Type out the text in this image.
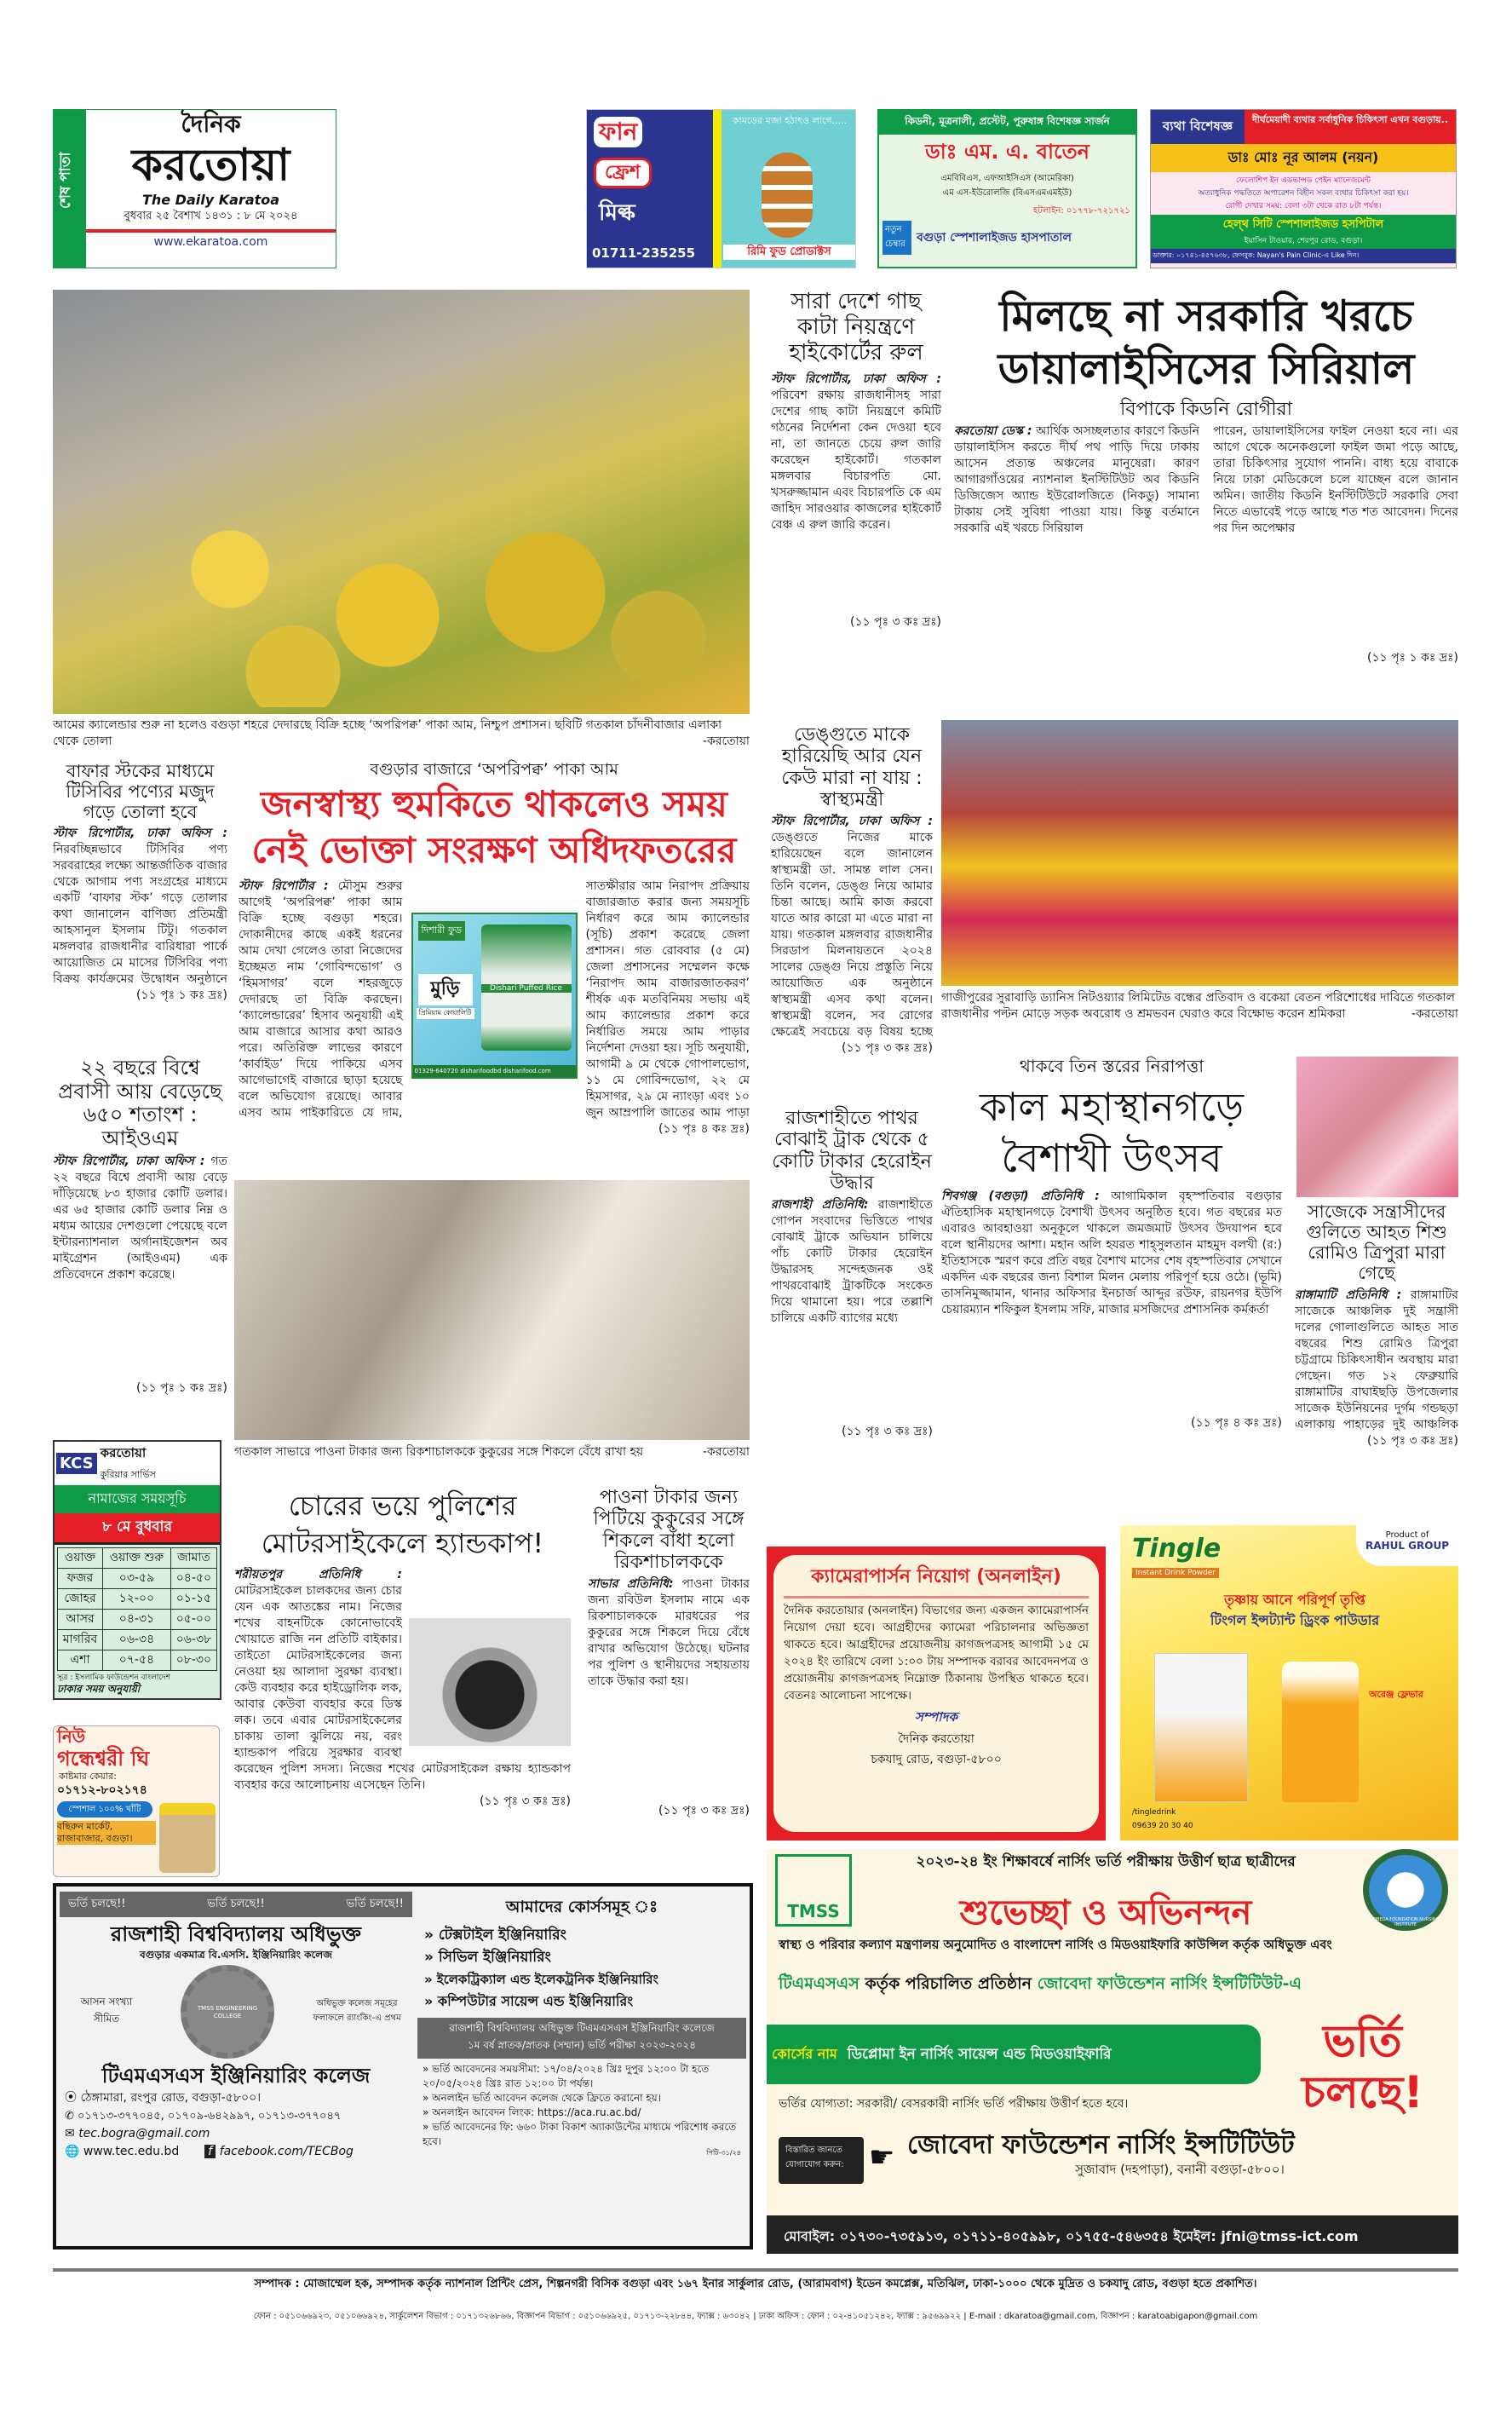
শেষ পাতা
দৈনিক
করতোয়া
The Daily Karatoa
বুধবার ২৫ বৈশাখ ১৪৩১ : ৮ মে ২০২৪
www.ekaratoa.com
ফান
ফ্রেশ
মিল্ক
01711-235255
কামড়ের মজা হঠাৎও লাগে.....
রিমি ফুড প্রোডাক্টস
কিডনী, মূত্রনালী, প্রস্টেট, পুরুষাঙ্গ বিশেষজ্ঞ সার্জন
ডাঃ এম. এ. বাতেন
এমবিবিএস, এফআইসিএস (আমেরিকা)
এম এস-ইউরোলজি (বিএসএমএমইউ)
হটলাইন: ০১৭৭৮-৭২১৭২১
নতুন চেম্বার বগুড়া স্পেশালাইজড হাসপাতাল
ব্যথা বিশেষজ্ঞ	দীর্ঘমেয়াদী ব্যথার সর্বাধুনিক চিকিৎসা এখন বগুড়ায়..
ডাঃ মোঃ নূর আলম (নয়ন)
ফেলোশিপ ইন এডভান্সড পেইন ম্যানেজমেন্ট
অত্যাধুনিক পদ্ধতিতে অপারেশন বিহীন সকল ব্যথার চিকিৎসা করা হয়।
রোগী দেখার সময়: বেলা ৩টা থেকে রাত ৮টা পর্যন্ত।
হেল্থ সিটি স্পেশালাইজড হসপিটাল
ইয়াসিন টাওয়ার, শেরপুর রোড, বগুড়া।
ডাক্তার: ০১৭৪১-৪৫৭৬৩৮, ফেসবুক: Nayan's Pain Clinic-এ Like দিন।
আমের ক্যালেন্ডার শুরু না হলেও বগুড়া শহরে দেদারছে বিক্রি হচ্ছে ‘অপরিপক্ব’ পাকা আম, নিশ্চুপ প্রশাসন। ছবিটি গতকাল চাঁদনীবাজার এলাকা থেকে তোলা	-করতোয়া
সারা দেশে গাছ কাটা নিয়ন্ত্রণে হাইকোর্টের রুল
স্টাফ রিপোর্টার, ঢাকা অফিস : পরিবেশ রক্ষায় রাজধানীসহ সারা দেশের গাছ কাটা নিয়ন্ত্রণে কমিটি গঠনের নির্দেশনা কেন দেওয়া হবে না, তা জানতে চেয়ে রুল জারি করেছেন হাইকোর্ট। গতকাল মঙ্গলবার বিচারপতি মো. খসরুজ্জামান এবং বিচারপতি কে এম জাহিদ সারওয়ার কাজলের হাইকোর্ট বেঞ্চ এ রুল জারি করেন।
(১১ পৃঃ ৩ কঃ দ্রঃ)
মিলছে না সরকারি খরচে ডায়ালাইসিসের সিরিয়াল
বিপাকে কিডনি রোগীরা
করতোয়া ডেস্ক : আর্থিক অসচ্ছলতার কারণে কিডনি ডায়ালাইসিস করতে দীর্ঘ পথ পাড়ি দিয়ে ঢাকায় আসেন প্রত্যন্ত অঞ্চলের মানুষেরা। কারণ আগারগাঁওয়ের ন্যাশনাল ইনস্টিটিউট অব কিডনি ডিজিজেস অ্যান্ড ইউরোলজিতে (নিকডু) সামান্য টাকায় সেই সুবিধা পাওয়া যায়। কিন্তু বর্তমানে সরকারি এই খরচে সিরিয়াল
পারেন, ডায়ালাইসিসের ফাইল নেওয়া হবে না। এর আগে থেকে অনেকগুলো ফাইল জমা পড়ে আছে, তারা চিকিৎসার সুযোগ পাননি। বাধ্য হয়ে বাবাকে নিয়ে ঢাকা মেডিকেলে চলে যাচ্ছেন বলে জানান অমিন। জাতীয় কিডনি ইনস্টিটিউটে সরকারি সেবা নিতে এভাবেই পড়ে আছে শত শত আবেদন। দিনের পর দিন অপেক্ষার
(১১ পৃঃ ১ কঃ দ্রঃ)
গাজীপুরের সুরাবাড়ি ড্যানিস নিটওয়্যার লিমিটেড বন্ধের প্রতিবাদ ও বকেয়া বেতন পরিশোধের দাবিতে গতকাল রাজধানীর পল্টন মোড়ে সড়ক অবরোধ ও শ্রমভবন ঘেরাও করে বিক্ষোভ করেন শ্রমিকরা	-করতোয়া
ডেঙ্গুতে মাকে হারিয়েছি আর যেন কেউ মারা না যায় : স্বাস্থ্যমন্ত্রী
স্টাফ রিপোর্টার, ঢাকা অফিস : ডেঙ্গুতে নিজের মাকে হারিয়েছেন বলে জানালেন স্বাস্থ্যমন্ত্রী ডা. সামন্ত লাল সেন। তিনি বলেন, ডেঙ্গু নিয়ে আমার চিন্তা আছে। আমি কাজ করবো যাতে আর কারো মা এতে মারা না যায়। গতকাল মঙ্গলবার রাজধানীর সিরডাপ মিলনায়তনে ২০২৪ সালের ডেঙ্গু নিয়ে প্রস্তুতি নিয়ে আয়োজিত এক অনুষ্ঠানে স্বাস্থ্যমন্ত্রী এসব কথা বলেন। স্বাস্থ্যমন্ত্রী বলেন, সব রোগের ক্ষেত্রেই সবচেয়ে বড় বিষয় হচ্ছে
(১১ পৃঃ ৩ কঃ দ্রঃ)
রাজশাহীতে পাথর বোঝাই ট্রাক থেকে ৫ কোটি টাকার হেরোইন উদ্ধার
রাজশাহী প্রতিনিধি: রাজশাহীতে গোপন সংবাদের ভিত্তিতে পাথর বোঝাই ট্রাকে অভিযান চালিয়ে পাঁচ কোটি টাকার হেরোইন উদ্ধারসহ সন্দেহজনক ওই পাথরবোঝাই ট্রাকটিকে সংকেত দিয়ে থামানো হয়। পরে তল্লাশি চালিয়ে একটি ব্যাগের মধ্যে
(১১ পৃঃ ৩ কঃ দ্রঃ)
বাফার স্টকের মাধ্যমে টিসিবির পণ্যের মজুদ গড়ে তোলা হবে
স্টাফ রিপোর্টার, ঢাকা অফিস : নিরবচ্ছিন্নভাবে টিসিবির পণ্য সরবরাহের লক্ষ্যে আন্তর্জাতিক বাজার থেকে আগাম পণ্য সংগ্রহের মাধ্যমে একটি ‘বাফার স্টক’ গড়ে তোলার কথা জানালেন বাণিজ্য প্রতিমন্ত্রী আহসানুল ইসলাম টিটু। গতকাল মঙ্গলবার রাজধানীর বারিধারা পার্কে আয়োজিত মে মাসের টিসিবির পণ্য বিক্রয় কার্যক্রমের উদ্বোধন অনুষ্ঠানে
(১১ পৃঃ ১ কঃ দ্রঃ)
২২ বছরে বিশ্বে প্রবাসী আয় বেড়েছে ৬৫০ শতাংশ : আইওএম
স্টাফ রিপোর্টার, ঢাকা অফিস : গত ২২ বছরে বিশ্বে প্রবাসী আয় বেড়ে দাঁড়িয়েছে ৮৩ হাজার কোটি ডলার। এর ৬৫ হাজার কোটি ডলার নিম্ন ও মধ্যম আয়ের দেশগুলো পেয়েছে বলে ইন্টারন্যাশনাল অর্গানাইজেশন অব মাইগ্রেশন (আইওএম) এক প্রতিবেদনে প্রকাশ করেছে।
(১১ পৃঃ ১ কঃ দ্রঃ)
KCS
করতোয়া
কুরিয়ার সার্ভিস
নামাজের সময়সূচি
৮ মে বুধবার
ওয়াক্ত	ওয়াক্ত শুরু	জামাত
ফজর	০৩-৫৯	০৪-৫০
জোহর	১২-০০	০১-১৫
আসর	০৪-৩১	০৫-০০
মাগরিব	০৬-৩৪	০৬-৩৮
এশা	০৭-৫৪	০৮-৩০
সূত্র : ইসলামিক ফাউন্ডেশন বাংলাদেশ
ঢাকার সময় অনুযায়ী
নিউ
গন্ধেশ্বরী ঘি
কাষ্টমার কেয়ার:
০১৭১২-৮০২১৭৪
স্পেশাল ১০০% খাঁটি
বছিরুন মার্কেট, রাজাবাজার, বগুড়া।
বগুড়ার বাজারে ‘অপরিপক্ব’ পাকা আম
জনস্বাস্থ্য হুমকিতে থাকলেও সময় নেই ভোক্তা সংরক্ষণ অধিদফতরের
স্টাফ রিপোর্টার : মৌসুম শুরুর আগেই ‘অপরিপক্ব’ পাকা আম বিক্রি হচ্ছে বগুড়া শহরে। দোকানীদের কাছে একই ধরনের আম দেখা গেলেও তারা নিজেদের ইচ্ছেমত নাম ‘গোবিন্দভোগ’ ও ‘হিমসাগর’ বলে শহরজুড়ে দেদারছে তা বিক্রি করছেন। ‘ক্যালেন্ডারের’ হিসাব অনুযায়ী এই আম বাজারে আসার কথা আরও পরে। অতিরিক্ত লাভের কারণে ‘কার্বাইড’ দিয়ে পাকিয়ে এসব আগেভাগেই বাজারে ছাড়া হয়েছে বলে অভিযোগ রয়েছে। আবার এসব আম পাইকারিতে যে দাম,
দিশারী ফুড
মুড়ি
প্রিমিয়াম কোয়ালিটি
Dishari Puffed Rice
01329-640720 disharifoodbd disharifood.com
সাতক্ষীরার আম নিরাপদ প্রক্রিয়ায় বাজারজাত করার জন্য সময়সূচি নির্ধারণ করে আম ক্যালেন্ডার (সূচি) প্রকাশ করেছে জেলা প্রশাসন। গত রোববার (৫ মে) জেলা প্রশাসনের সম্মেলন কক্ষে ‘নিরাপদ আম বাজারজাতকরণ’ শীর্ষক এক মতবিনিময় সভায় এই আম ক্যালেন্ডার প্রকাশ করে নির্ধারিত সময়ে আম পাড়ার নির্দেশনা দেওয়া হয়। সূচি অনুযায়ী, আগামী ৯ মে থেকে গোপালভোগ, ১১ মে গোবিন্দভোগ, ২২ মে হিমসাগর, ২৯ মে ন্যাংড়া এবং ১০ জুন আম্রপালি জাতের আম পাড়া
(১১ পৃঃ ৪ কঃ দ্রঃ)
গতকাল সাভারে পাওনা টাকার জন্য রিকশাচালককে কুকুরের সঙ্গে শিকলে বেঁধে রাখা হয়	-করতোয়া
চোরের ভয়ে পুলিশের মোটরসাইকেলে হ্যান্ডকাপ!
শরীয়তপুর প্রতিনিধি : মোটরসাইকেল চালকদের জন্য চোর যেন এক আতঙ্কের নাম। নিজের শখের বাহনটিকে কোনোভাবেই খোয়াতে রাজি নন প্রতিটি বাইকার। তাইতো মোটরসাইকেলের জন্য নেওয়া হয় আলাদা সুরক্ষা ব্যবস্থা। কেউ ব্যবহার করে হাইড্রোলিক লক, আবার কেউবা ব্যবহার করে ডিস্ক লক। তবে এবার মোটরসাইকেলের চাকায় তালা ঝুলিয়ে নয়, বরং হ্যান্ডকাপ পরিয়ে সুরক্ষার ব্যবস্থা করেছেন পুলিশ সদস্য। নিজের শখের মোটরসাইকেল রক্ষায় হ্যান্ডকাপ ব্যবহার করে আলোচনায় এসেছেন তিনি।
(১১ পৃঃ ৩ কঃ দ্রঃ)
পাওনা টাকার জন্য পিটিয়ে কুকুরের সঙ্গে শিকলে বাঁধা হলো রিকশাচালককে
সাভার প্রতিনিধি: পাওনা টাকার জন্য রবিউল ইসলাম নামে এক রিকশাচালককে মারধরের পর কুকুরের সঙ্গে শিকলে দিয়ে বেঁধে রাখার অভিযোগ উঠেছে। ঘটনার পর পুলিশ ও স্থানীয়দের সহায়তায় তাকে উদ্ধার করা হয়।
(১১ পৃঃ ৩ কঃ দ্রঃ)
থাকবে তিন স্তরের নিরাপত্তা
কাল মহাস্থানগড়ে বৈশাখী উৎসব
শিবগঞ্জ (বগুড়া) প্রতিনিধি : আগামিকাল বৃহস্পতিবার বগুড়ার ঐতিহাসিক মহাস্থানগড়ে বৈশাখী উৎসব অনুষ্ঠিত হবে। গত বছরের মত এবারও আবহাওয়া অনুকূলে থাকলে জমজমাট উৎসব উদযাপন হবে বলে স্থানীয়দের আশা। মহান অলি হযরত শাহ্সুলতান মাহমুদ বলখী (র:) ইতিহাসকে স্মরণ করে প্রতি বছর বৈশাখ মাসের শেষ বৃহস্পতিবার সেখানে একদিন এক বছরের জন্য বিশাল মিলন মেলায় পরিপূর্ণ হয়ে ওঠে। (ভূমি) তাসনিমুজ্জামান, থানার অফিসার ইনচার্জ আব্দুর রউফ, রায়নগর ইউপি চেয়ারম্যান শফিকুল ইসলাম সফি, মাজার মসজিদের প্রশাসনিক কর্মকর্তা
(১১ পৃঃ ৪ কঃ দ্রঃ)
সাজেকে সন্ত্রাসীদের গুলিতে আহত শিশু রোমিও ত্রিপুরা মারা গেছে
রাঙ্গামাটি প্রতিনিধি : রাঙ্গামাটির সাজেকে আঞ্চলিক দুই সন্ত্রাসী দলের গোলাগুলিতে আহত সাত বছরের শিশু রোমিও ত্রিপুরা চট্টগ্রামে চিকিৎসাধীন অবস্থায় মারা গেছেন। গত ১২ ফেব্রুয়ারি রাঙ্গামাটির বাঘাইছড়ি উপজেলার সাজেক ইউনিয়নের দুর্গম গন্ডছড়া এলাকায় পাহাড়ের দুই আঞ্চলিক
(১১ পৃঃ ৩ কঃ দ্রঃ)
ক্যামেরাপার্সন নিয়োগ (অনলাইন)
দৈনিক করতোয়ার (অনলাইন) বিভাগের জন্য একজন ক্যামেরাপার্সন নিয়োগ দেয়া হবে। আগ্রহীদের ক্যামেরা পরিচালনার অভিজ্ঞতা থাকতে হবে। আগ্রহীদের প্রয়োজনীয় কাগজপত্রসহ আগামী ১৫ মে ২০২৪ ইং তারিখে বেলা ১:০০ টায় সম্পাদক বরাবর আবেদনপত্র ও প্রয়োজনীয় কাগজপত্রসহ নিম্নোক্ত ঠিকানায় উপস্থিত থাকতে হবে। বেতনঃ আলোচনা সাপেক্ষে।
সম্পাদক
দৈনিক করতোয়া
চকযাদু রোড, বগুড়া-৫৮০০
Tingle
Instant Drink Powder
Product of
RAHUL GROUP
তৃষ্ণায় আনে পরিপূর্ণ তৃপ্তি
টিংগল ইন্সট্যান্ট ড্রিংক পাউডার
অরেঞ্জ ফ্লেভার
/tingledrink
09639 20 30 40
ভর্তি চলছে!!	ভর্তি চলছে!!	ভর্তি চলছে!!
রাজশাহী বিশ্ববিদ্যালয় অধিভুক্ত
বগুড়ার একমাত্র বি.এসসি. ইঞ্জিনিয়ারিং কলেজ
আসন সংখ্যা
সীমিত
TMSS ENGINEERING COLLEGE
অধিভুক্ত কলেজ সমূহের
ফলাফলে র‍্যাংকিং-এ প্রথম
টিএমএসএস ইঞ্জিনিয়ারিং কলেজ
⦿ ঠেঙ্গামারা, রংপুর রোড, বগুড়া-৫৮০০।
✆ ০১৭১৩-৩৭৭০৪৫, ০১৭০৯-৬৪২৯৯৭, ০১৭১৩-৩৭৭০৪৭
✉ tec.bogra@gmail.com
🌐 www.tec.edu.bd f facebook.com/TECBog
আমাদের কোর্সসমূহ ঃ
» টেক্সটাইল ইঞ্জিনিয়ারিং
» সিভিল ইঞ্জিনিয়ারিং
» ইলেকট্রিক্যাল এন্ড ইলেকট্রনিক ইঞ্জিনিয়ারিং
» কম্পিউটার সায়েন্স এন্ড ইঞ্জিনিয়ারিং
রাজশাহী বিশ্ববিদ্যালয় অধিভুক্ত টিএমএসএস ইঞ্জিনিয়ারিং কলেজে
১ম বর্ষ স্নাতক/স্নাতক (সম্মান) ভর্তি পরীক্ষা ২০২৩-২০২৪
» ভর্তি আবেদনের সময়সীমা: ১৭/০৪/২০২৪ খ্রিঃ দুপুর ১২:০০ টা হতে ২০/০৫/২০২৪ খ্রিঃ রাত ১২:০০ টা পর্যন্ত।
» অনলাইন ভর্তি আবেদন কলেজ থেকে ফ্রিতে করানো হয়।
» অনলাইন আবেদন লিংক: https://aca.ru.ac.bd/
» ভর্তি আবেদনের ফি: ৬৬০ টাকা বিকাশ অ্যাকাউন্টের মাধ্যমে পরিশোধ করতে হবে।
পিটি-৩১/২৪
TMSS
২০২৩-২৪ ইং শিক্ষাবর্ষে নার্সিং ভর্তি পরীক্ষায় উত্তীর্ণ ছাত্র ছাত্রীদের
শুভেচ্ছা ও অভিনন্দন	JOBEDA FOUNDATION NURSING INSTITUTE
স্বাস্থ্য ও পরিবার কল্যাণ মন্ত্রণালয় অনুমোদিত ও বাংলাদেশ নার্সিং ও মিডওয়াইফারি কাউন্সিল কর্তৃক অধিভুক্ত এবং
টিএমএসএস কর্তৃক পরিচালিত প্রতিষ্ঠান জোবেদা ফাউন্ডেশন নার্সিং ইন্সটিটিউট-এ
কোর্সের নাম ডিপ্লোমা ইন নার্সিং সায়েন্স এন্ড মিডওয়াইফারি	ভর্তি চলছে!
ভর্তির যোগ্যতা: সরকারী/ বেসরকারী নার্সিং ভর্তি পরীক্ষায় উত্তীর্ণ হতে হবে।
বিস্তারিত জানতে যোগাযোগ করুন: ☛ জোবেদা ফাউন্ডেশন নার্সিং ইন্সটিটিউট
সুজাবাদ (দহপাড়া), বনানী বগুড়া-৫৮০০।
মোবাইল: ০১৭৩০-৭৩৫৯১৩, ০১৭১১-৪০৫৯৯৮, ০১৭৫৫-৫৪৬৩৫৪ ইমেইল: jfni@tmss-ict.com
সম্পাদক : মোজাম্মেল হক, সম্পাদক কর্তৃক ন্যাশনাল প্রিন্টিং প্রেস, শিল্পনগরী বিসিক বগুড়া এবং ১৬৭ ইনার সার্কুলার রোড, (আরামবাগ) ইডেন কমপ্লেক্স, মতিঝিল, ঢাকা-১০০০ থেকে মুদ্রিত ও চকযাদু রোড, বগুড়া হতে প্রকাশিত।
ফোন : ০৫১০৬৬৯২৩, ০৫১০৬৬৯২৪, সার্কুলেশন বিভাগ : ০১৭১৩২৬৮৬৬, বিজ্ঞাপন বিভাগ : ০৫১০৬৬৯২৫, ০১৭১৩-২২৮৪৪, ফ্যাক্স : ৬৩০৪২ | ঢাকা অফিস : ফোন : ০২-৪১০৫১২৪২, ফ্যাক্স : ৯৫৬৯৯২২ | E-mail : dkaratoa@gmail.com, বিজ্ঞাপন : karatoabigapon@gmail.com
